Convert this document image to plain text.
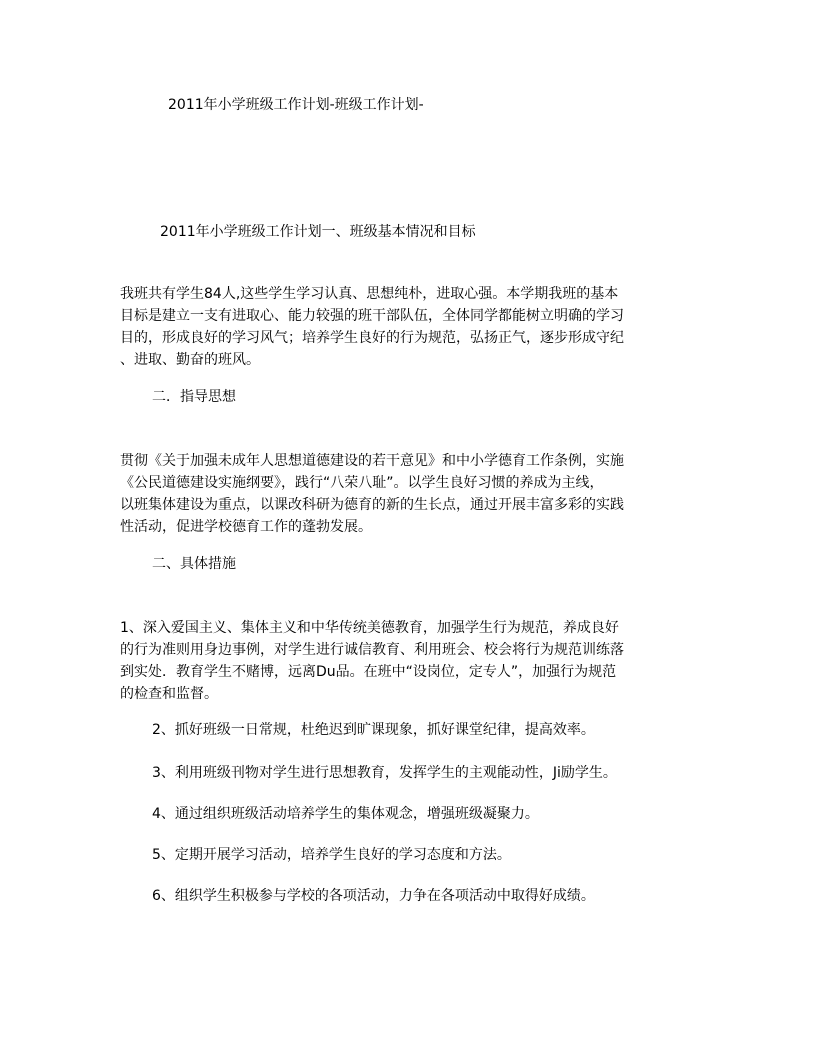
2011年小学班级工作计划-班级工作计划-
2011年小学班级工作计划一、班级基本情况和目标
我班共有学生84人,这些学生学习认真、思想纯朴，进取心强。本学期我班的基本
目标是建立一支有进取心、能力较强的班干部队伍，全体同学都能树立明确的学习
目的，形成良好的学习风气；培养学生良好的行为规范，弘扬正气，逐步形成守纪
、进取、勤奋的班风。
二．指导思想
贯彻《关于加强未成年人思想道德建设的若干意见》和中小学德育工作条例，实施
《公民道德建设实施纲要》，践行“八荣八耻”。以学生良好习惯的养成为主线，
以班集体建设为重点，以课改科研为德育的新的生长点，通过开展丰富多彩的实践
性活动，促进学校德育工作的蓬勃发展。
二、具体措施
1、深入爱国主义、集体主义和中华传统美德教育，加强学生行为规范，养成良好
的行为准则用身边事例，对学生进行诚信教育、利用班会、校会将行为规范训练落
到实处．教育学生不赌博，远离Du品。在班中“设岗位，定专人”，加强行为规范
的检查和监督。
2、抓好班级一日常规，杜绝迟到旷课现象，抓好课堂纪律，提高效率。
3、利用班级刊物对学生进行思想教育，发挥学生的主观能动性，Ji励学生。
4、通过组织班级活动培养学生的集体观念，增强班级凝聚力。
5、定期开展学习活动，培养学生良好的学习态度和方法。
6、组织学生积极参与学校的各项活动，力争在各项活动中取得好成绩。
